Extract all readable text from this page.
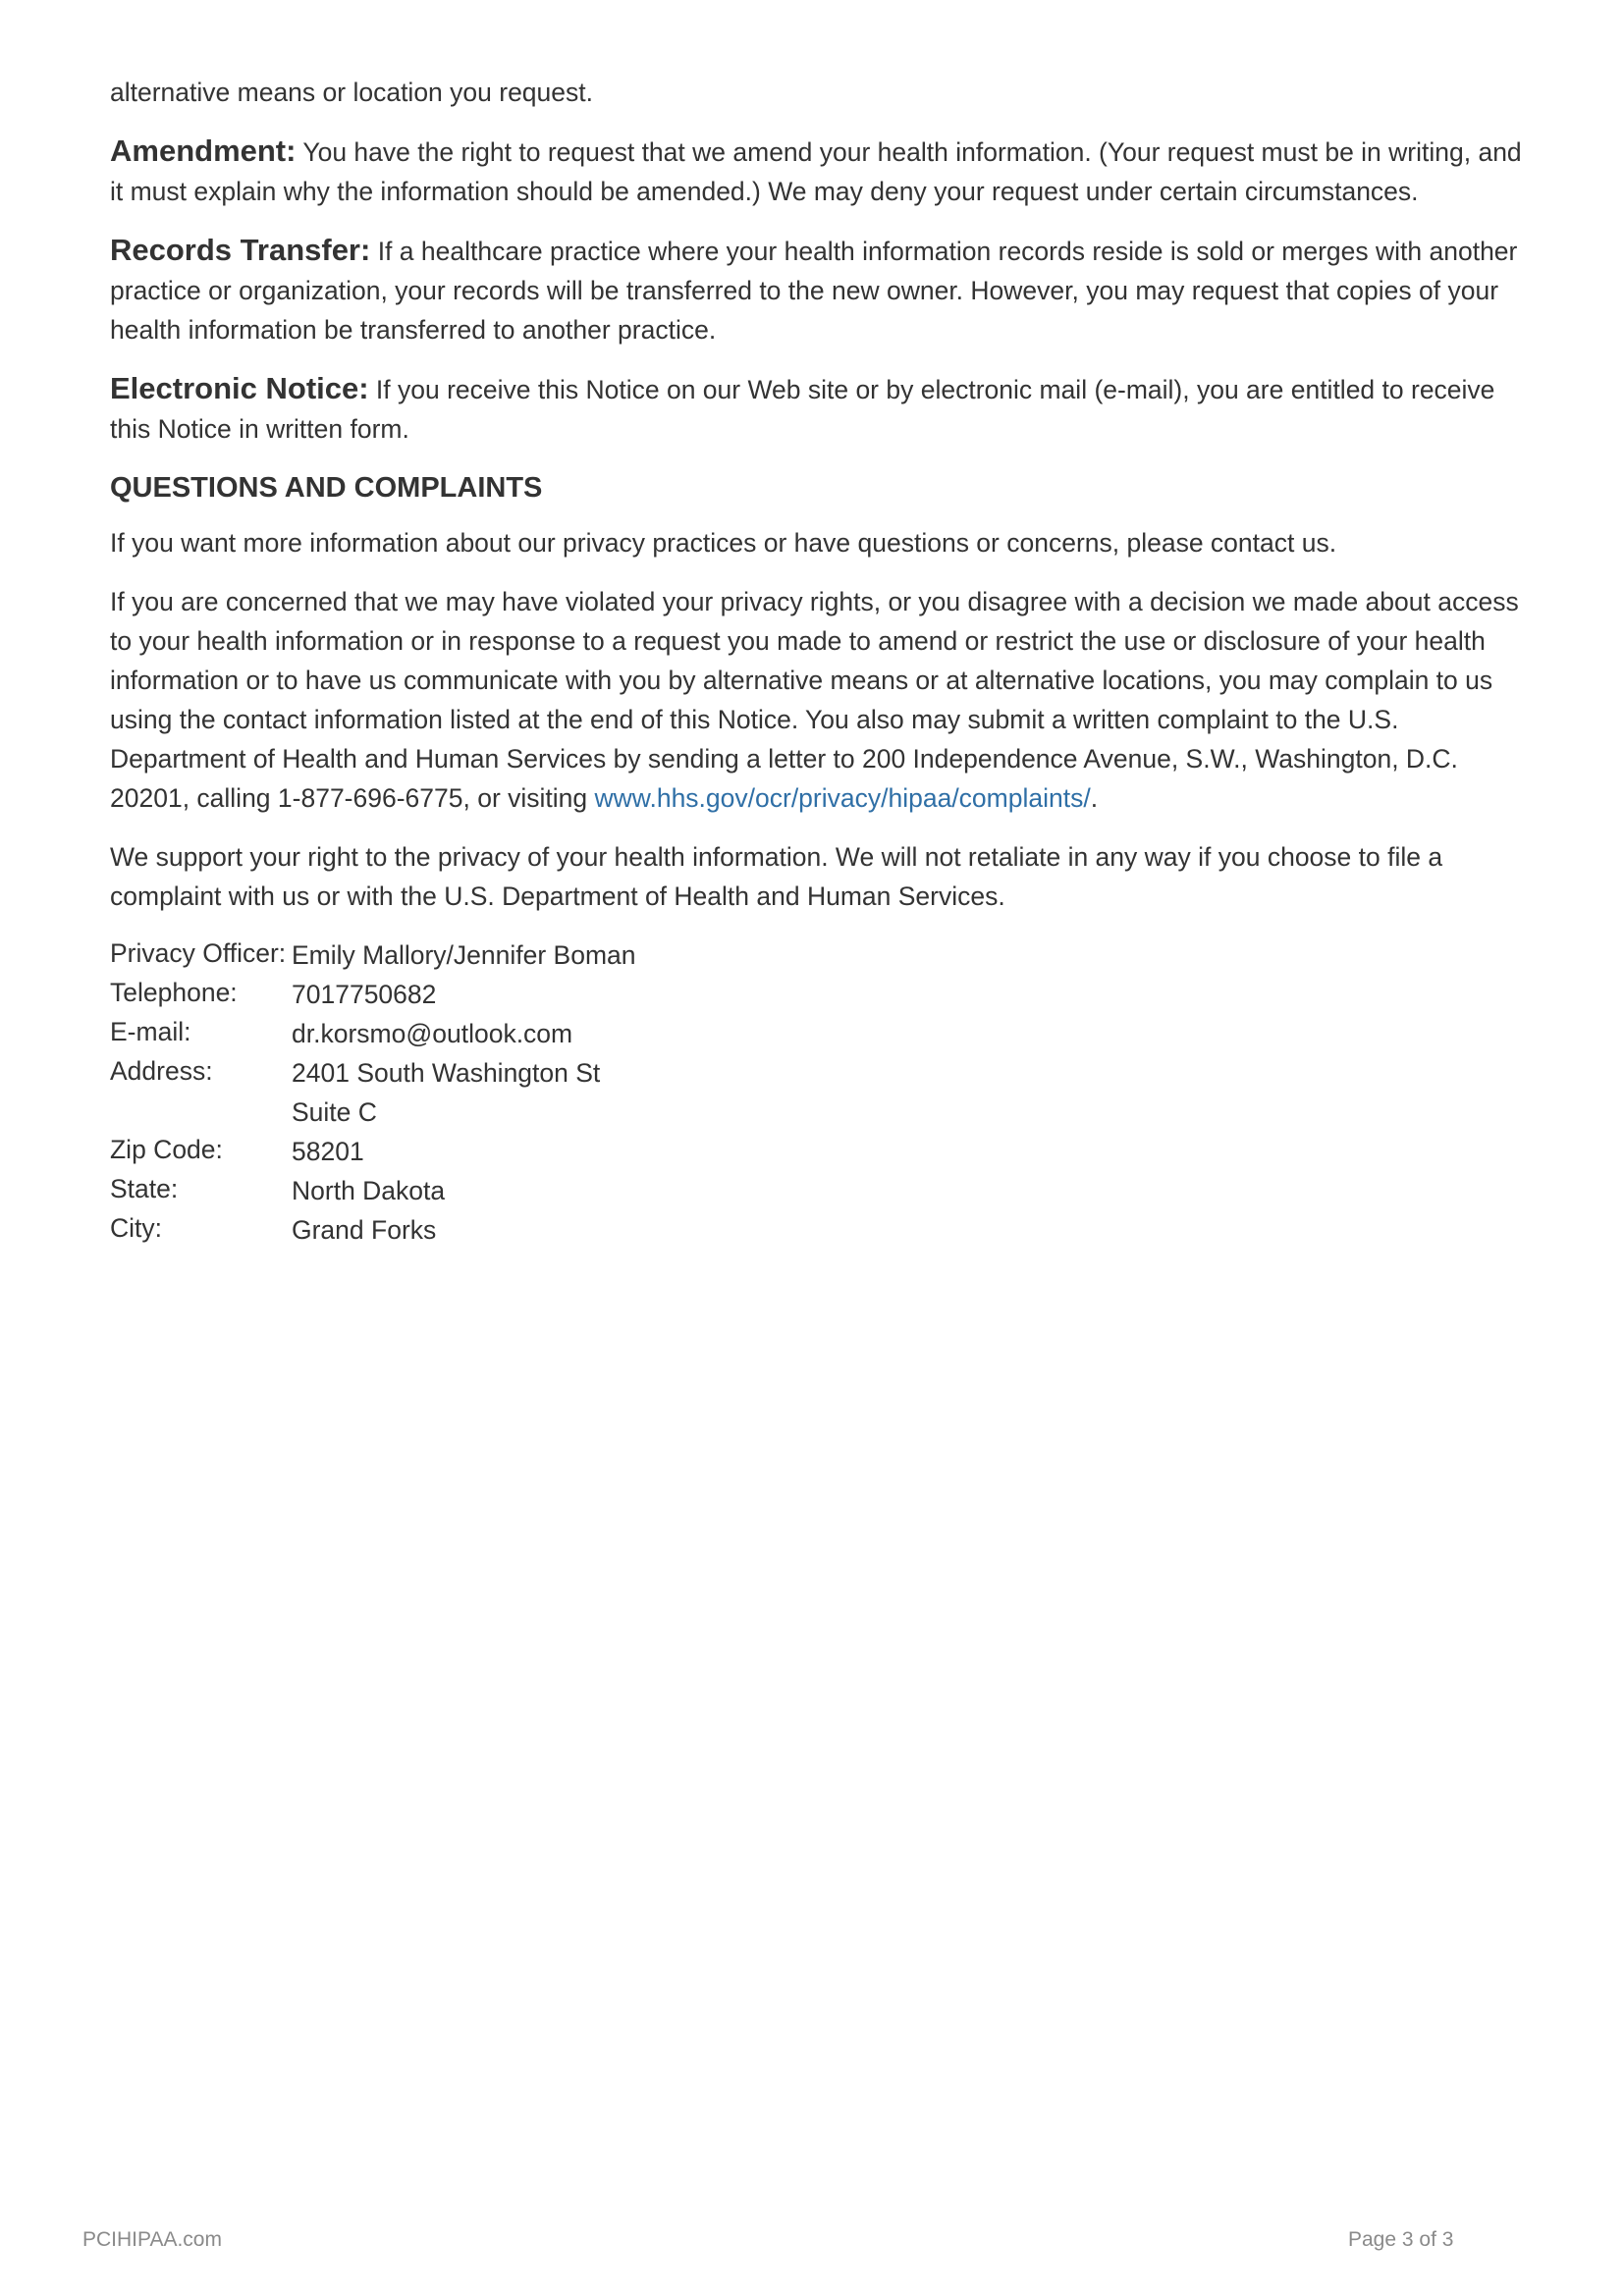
alternative means or location you request.

Amendment: You have the right to request that we amend your health information. (Your request must be in writing, and it must explain why the information should be amended.) We may deny your request under certain circumstances.

Records Transfer: If a healthcare practice where your health information records reside is sold or merges with another practice or organization, your records will be transferred to the new owner. However, you may request that copies of your health information be transferred to another practice.

Electronic Notice: If you receive this Notice on our Web site or by electronic mail (e-mail), you are entitled to receive this Notice in written form.

QUESTIONS AND COMPLAINTS

If you want more information about our privacy practices or have questions or concerns, please contact us.

If you are concerned that we may have violated your privacy rights, or you disagree with a decision we made about access to your health information or in response to a request you made to amend or restrict the use or disclosure of your health information or to have us communicate with you by alternative means or at alternative locations, you may complain to us using the contact information listed at the end of this Notice. You also may submit a written complaint to the U.S. Department of Health and Human Services by sending a letter to 200 Independence Avenue, S.W., Washington, D.C. 20201, calling 1-877-696-6775, or visiting www.hhs.gov/ocr/privacy/hipaa/complaints/.

We support your right to the privacy of your health information. We will not retaliate in any way if you choose to file a complaint with us or with the U.S. Department of Health and Human Services.

Privacy Officer:	Emily Mallory/Jennifer Boman
Telephone:	7017750682
E-mail:	dr.korsmo@outlook.com
Address:	2401 South Washington St
	Suite C
Zip Code:	58201
State:	North Dakota
City:	Grand Forks
PCIHIPAA.com	Page 3 of 3
